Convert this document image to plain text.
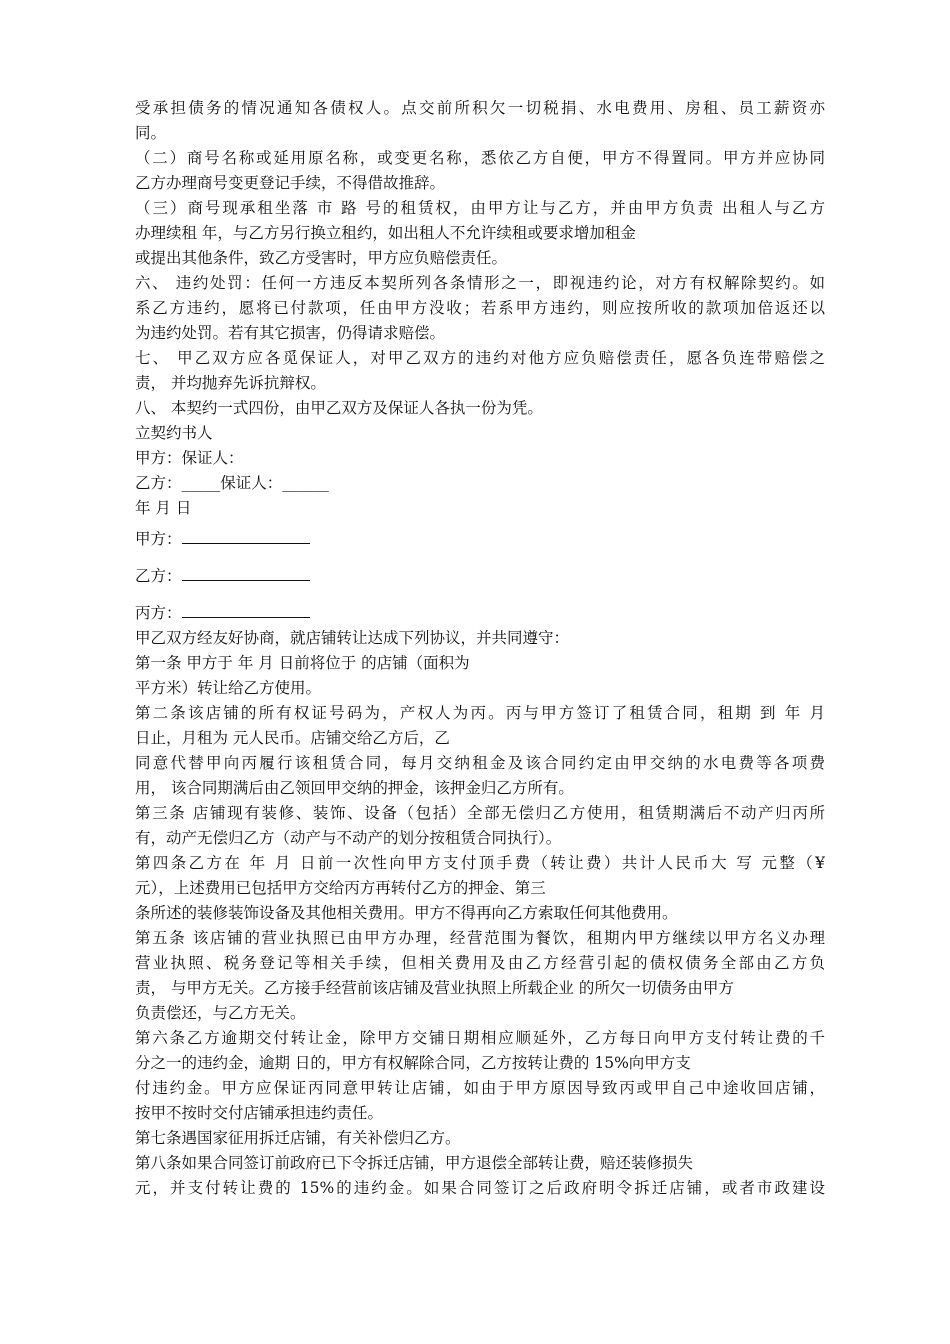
受承担债务的情况通知各债权人。点交前所积欠一切税捐、水电费用、房租、员工薪资亦
同。
（二）商号名称或延用原名称，或变更名称，悉依乙方自便，甲方不得置同。甲方并应协同
乙方办理商号变更登记手续，不得借故推辞。
（三）商号现承租坐落 市 路 号的租赁权，由甲方让与乙方，并由甲方负责 出租人与乙方
办理续租 年，与乙方另行换立租约，如出租人不允许续租或要求增加租金
或提出其他条件，致乙方受害时，甲方应负赔偿责任。
六、 违约处罚：任何一方违反本契所列各条情形之一，即视违约论，对方有权解除契约。如
系乙方违约，愿将已付款项，任由甲方没收；若系甲方违约，则应按所收的款项加倍返还以
为违约处罚。若有其它损害，仍得请求赔偿。
七、 甲乙双方应各觅保证人，对甲乙双方的违约对他方应负赔偿责任，愿各负连带赔偿之
责， 并均抛弃先诉抗辩权。
八、 本契约一式四份，由甲乙双方及保证人各执一份为凭。
立契约书人
甲方：保证人：
乙方：_____保证人：______
年 月 日
甲方：
乙方：
丙方：
甲乙双方经友好协商，就店铺转让达成下列协议，并共同遵守：
第一条 甲方于 年 月 日前将位于 的店铺（面积为
平方米）转让给乙方使用。
第二条该店铺的所有权证号码为，产权人为丙。丙与甲方签订了租赁合同，租期 到 年 月
日止，月租为 元人民币。店铺交给乙方后，乙
同意代替甲向丙履行该租赁合同，每月交纳租金及该合同约定由甲交纳的水电费等各项费
用， 该合同期满后由乙领回甲交纳的押金，该押金归乙方所有。
第三条 店铺现有装修、装饰、设备（包括）全部无偿归乙方使用，租赁期满后不动产归丙所
有，动产无偿归乙方（动产与不动产的划分按租赁合同执行）。
第四条乙方在 年 月 日前一次性向甲方支付顶手费（转让费）共计人民币大 写 元整（¥
元），上述费用已包括甲方交给丙方再转付乙方的押金、第三
条所述的装修装饰设备及其他相关费用。甲方不得再向乙方索取任何其他费用。
第五条 该店铺的营业执照已由甲方办理，经营范围为餐饮，租期内甲方继续以甲方名义办理
营业执照、税务登记等相关手续，但相关费用及由乙方经营引起的债权债务全部由乙方负
责， 与甲方无关。乙方接手经营前该店铺及营业执照上所载企业 的所欠一切债务由甲方
负责偿还，与乙方无关。
第六条乙方逾期交付转让金，除甲方交铺日期相应顺延外，乙方每日向甲方支付转让费的千
分之一的违约金，逾期 日的，甲方有权解除合同，乙方按转让费的 15%向甲方支
付违约金。甲方应保证丙同意甲转让店铺，如由于甲方原因导致丙或甲自己中途收回店铺，
按甲不按时交付店铺承担违约责任。
第七条遇国家征用拆迁店铺，有关补偿归乙方。
第八条如果合同签订前政府已下令拆迁店铺，甲方退偿全部转让费，赔还装修损失
元，并支付转让费的 15%的违约金。如果合同签订之后政府明令拆迁店铺，或者市政建设
